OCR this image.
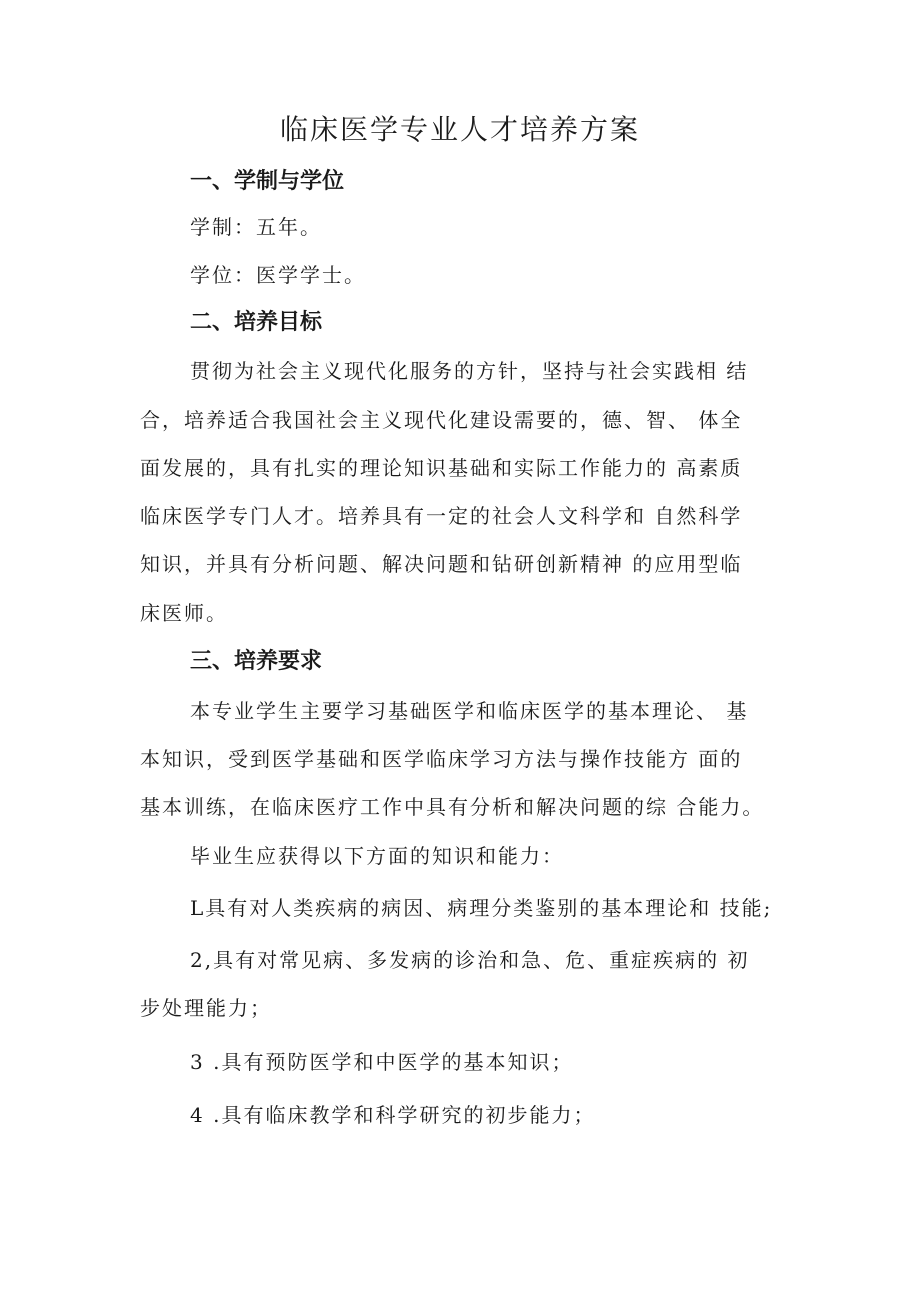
临床医学专业人才培养方案
一、学制与学位

学制：五年。

学位：医学学士。

二、培养目标

贯彻为社会主义现代化服务的方针，坚持与社会实践相 结

合，培养适合我国社会主义现代化建设需要的，德、智、 体全

面发展的，具有扎实的理论知识基础和实际工作能力的 高素质

临床医学专门人才。培养具有一定的社会人文科学和 自然科学

知识，并具有分析问题、解决问题和钻研创新精神 的应用型临

床医师。

三、培养要求

本专业学生主要学习基础医学和临床医学的基本理论、 基

本知识，受到医学基础和医学临床学习方法与操作技能方 面的

基本训练，在临床医疗工作中具有分析和解决问题的综 合能力。

毕业生应获得以下方面的知识和能力：

L具有对人类疾病的病因、病理分类鉴别的基本理论和 技能;

2,具有对常见病、多发病的诊治和急、危、重症疾病的 初

步处理能力；

3 .具有预防医学和中医学的基本知识；

4 .具有临床教学和科学研究的初步能力；
